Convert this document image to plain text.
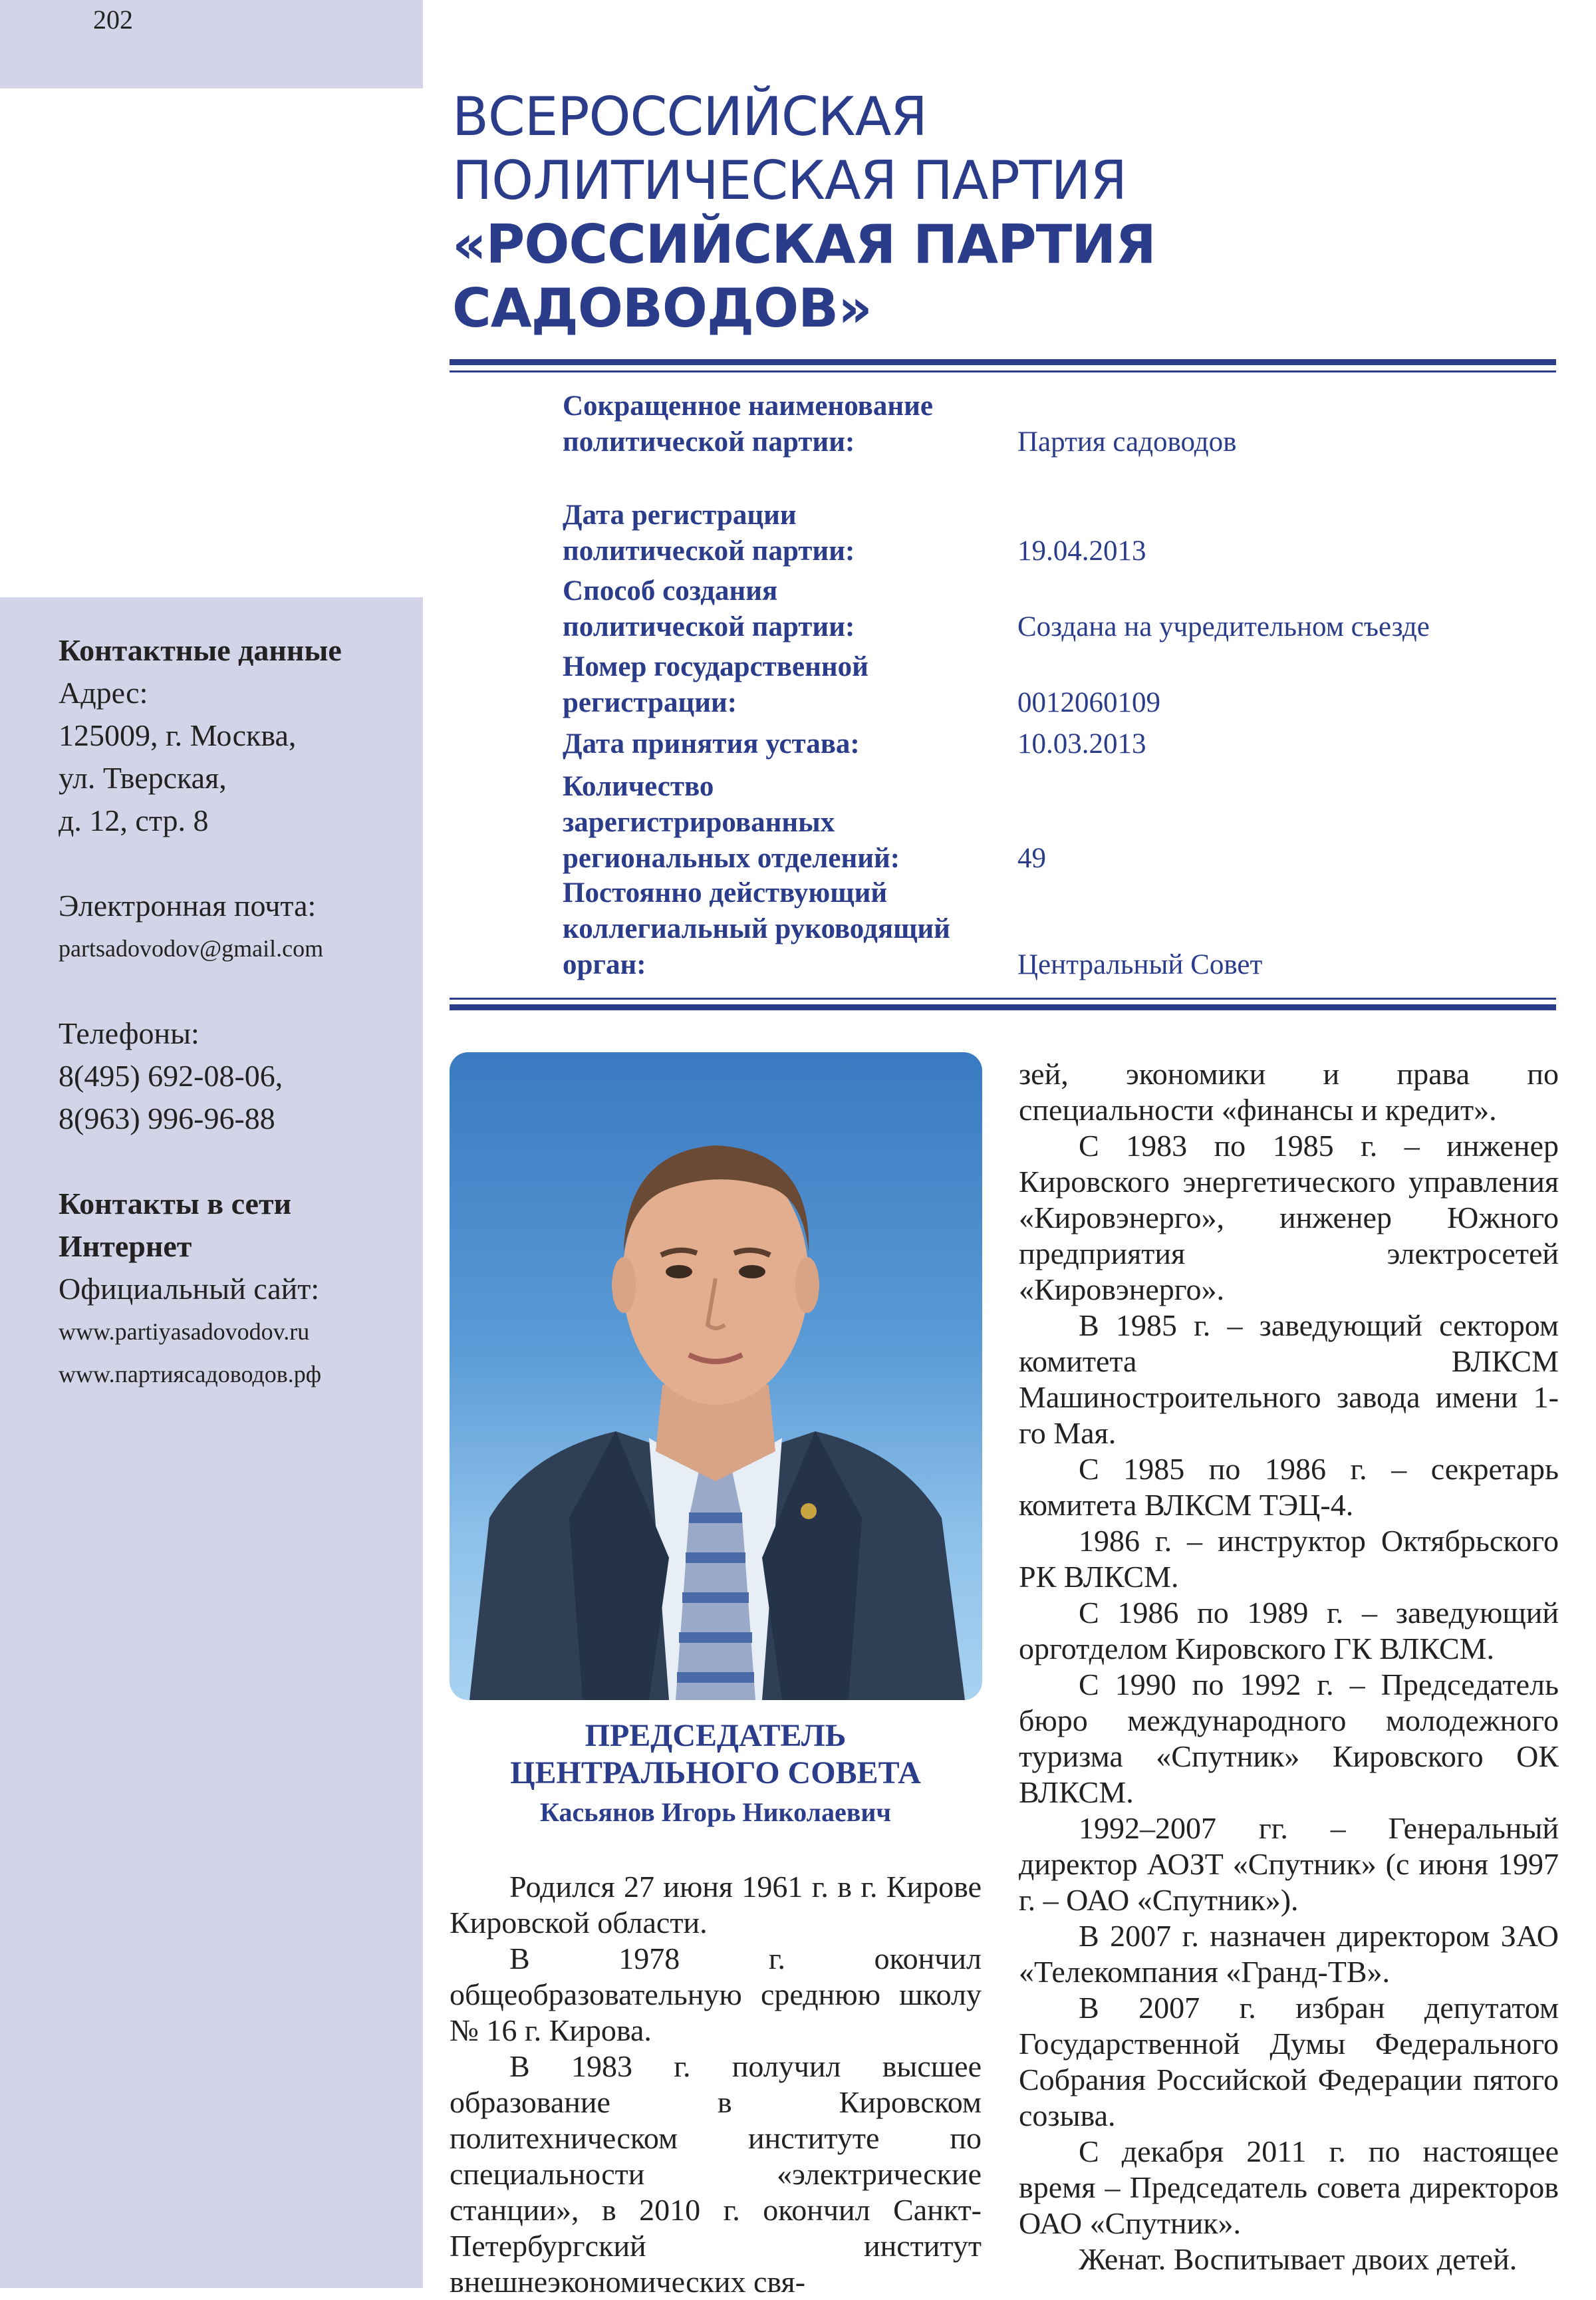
202
Контактные данные
Адрес:
125009, г. Москва,
ул. Тверская,
д. 12, стр. 8
Электронная почта:
partsadovodov@gmail.com
Телефоны:
8(495) 692-08-06,
8(963) 996-96-88
Контакты в сети
Интернет
Официальный сайт:
www.partiyasadovodov.ru
www.партиясадоводов.рф
ВСЕРОССИЙСКАЯ
ПОЛИТИЧЕСКАЯ ПАРТИЯ
«РОССИЙСКАЯ ПАРТИЯ
САДОВОДОВ»
Сокращенное наименование
политической партии:	Партия садоводов
Дата регистрации
политической партии:	19.04.2013
Способ создания
политической партии:	Создана на учредительном съезде
Номер государственной
регистрации:	0012060109
Дата принятия устава:	10.03.2013
Количество
зарегистрированных
региональных отделений:	49
Постоянно действующий
коллегиальный руководящий
орган:	Центральный Совет
ПРЕДСЕДАТЕЛЬ
ЦЕНТРАЛЬНОГО СОВЕТА
Касьянов Игорь Николаевич

Родился 27 июня 1961 г. в г. Кирове Кировской области.

В 1978 г. окончил общеобразовательную среднюю школу № 16 г. Кирова.

В 1983 г. получил высшее образование в Кировском политехническом институте по специальности «электрические станции», в 2010 г. окончил Санкт-Петербургский институт внешнеэкономических свя-

зей, экономики и права по специальности «финансы и кредит».

С 1983 по 1985 г. – инженер Кировского энергетического управления «Кировэнерго», инженер Южного предприятия электросетей «Кировэнерго».

В 1985 г. – заведующий сектором комитета ВЛКСМ Машиностроительного завода имени 1-го Мая.

С 1985 по 1986 г. – секретарь комитета ВЛКСМ ТЭЦ-4.

1986 г. – инструктор Октябрьского РК ВЛКСМ.

С 1986 по 1989 г. – заведующий орготделом Кировского ГК ВЛКСМ.

С 1990 по 1992 г. – Председатель бюро международного молодежного туризма «Спутник» Кировского ОК ВЛКСМ.

1992–2007 гг. – Генеральный директор АОЗТ «Спутник» (с июня 1997 г. – ОАО «Спутник»).

В 2007 г. назначен директором ЗАО «Телекомпания «Гранд-ТВ».

В 2007 г. избран депутатом Государственной Думы Федерального Собрания Российской Федерации пятого созыва.

С декабря 2011 г. по настоящее время – Председатель совета директоров ОАО «Спутник».

Женат. Воспитывает двоих детей.
